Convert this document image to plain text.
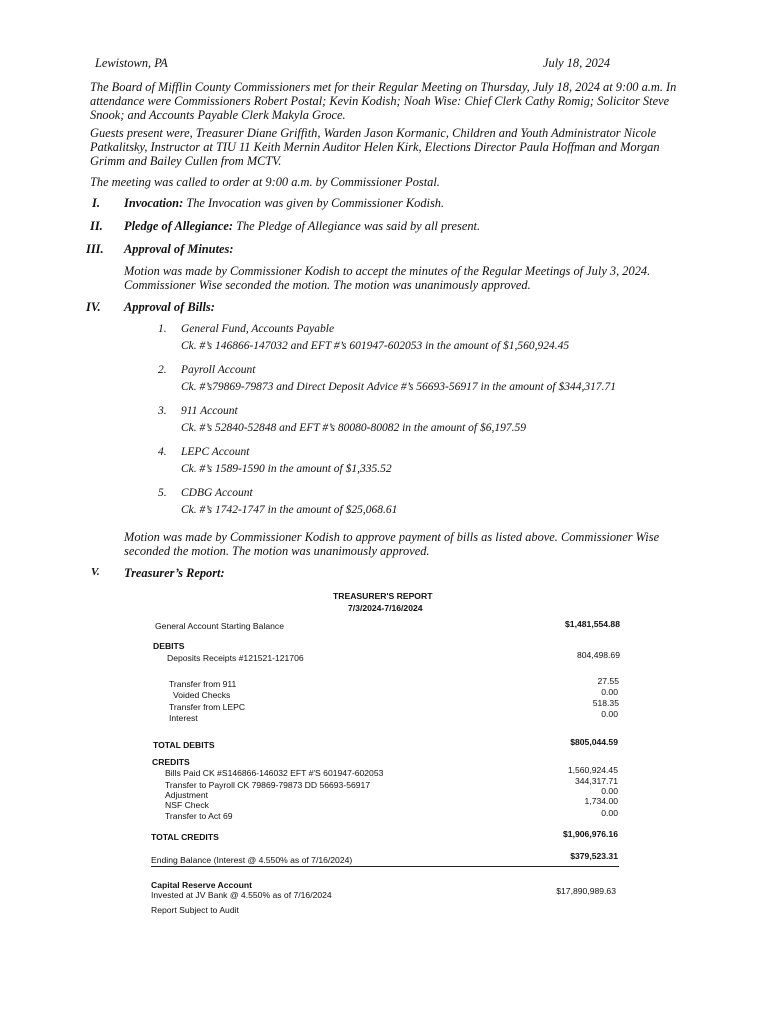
Lewistown, PA	July 18, 2024
The Board of Mifflin County Commissioners met for their Regular Meeting on Thursday, July 18, 2024 at 9:00 a.m. In attendance were Commissioners Robert Postal; Kevin Kodish; Noah Wise: Chief Clerk Cathy Romig; Solicitor Steve Snook; and Accounts Payable Clerk Makyla Groce.
Guests present were, Treasurer Diane Griffith, Warden Jason Kormanic, Children and Youth Administrator Nicole Patkalitsky, Instructor at TIU 11 Keith Mernin Auditor Helen Kirk, Elections Director Paula Hoffman and Morgan Grimm and Bailey Cullen from MCTV.
The meeting was called to order at 9:00 a.m. by Commissioner Postal.
I. Invocation: The Invocation was given by Commissioner Kodish.
II. Pledge of Allegiance: The Pledge of Allegiance was said by all present.
III. Approval of Minutes:
Motion was made by Commissioner Kodish to accept the minutes of the Regular Meetings of July 3, 2024. Commissioner Wise seconded the motion. The motion was unanimously approved.
IV. Approval of Bills:
1. General Fund, Accounts Payable
Ck. #’s 146866-147032 and EFT #’s 601947-602053 in the amount of $1,560,924.45
2. Payroll Account
Ck. #’s79869-79873 and Direct Deposit Advice #’s 56693-56917 in the amount of $344,317.71
3. 911 Account
Ck. #’s 52840-52848 and EFT #’s 80080-80082 in the amount of $6,197.59
4. LEPC Account
Ck. #’s 1589-1590 in the amount of $1,335.52
5. CDBG Account
Ck. #’s 1742-1747 in the amount of $25,068.61
Motion was made by Commissioner Kodish to approve payment of bills as listed above. Commissioner Wise seconded the motion. The motion was unanimously approved.
V. Treasurer’s Report:
TREASURER'S REPORT
7/3/2024-7/16/2024
General Account Starting Balance	$1,481,554.88
DEBITS
Deposits Receipts #121521-121706	804,498.69
Transfer from 911	27.55
Voided Checks	0.00
Transfer from LEPC	518.35
Interest	0.00
TOTAL DEBITS	$805,044.59
CREDITS
Bills Paid CK #S146866-146032 EFT #'S 601947-602053	1,560,924.45
Transfer to Payroll CK 79869-79873 DD 56693-56917	344,317.71
Adjustment	0.00
NSF Check	1,734.00
Transfer to Act 69	0.00
TOTAL CREDITS	$1,906,976.16
Ending Balance (Interest @ 4.550% as of 7/16/2024)	$379,523.31
Capital Reserve Account
Invested at JV Bank @ 4.550% as of 7/16/2024	$17,890,989.63
Report Subject to Audit
